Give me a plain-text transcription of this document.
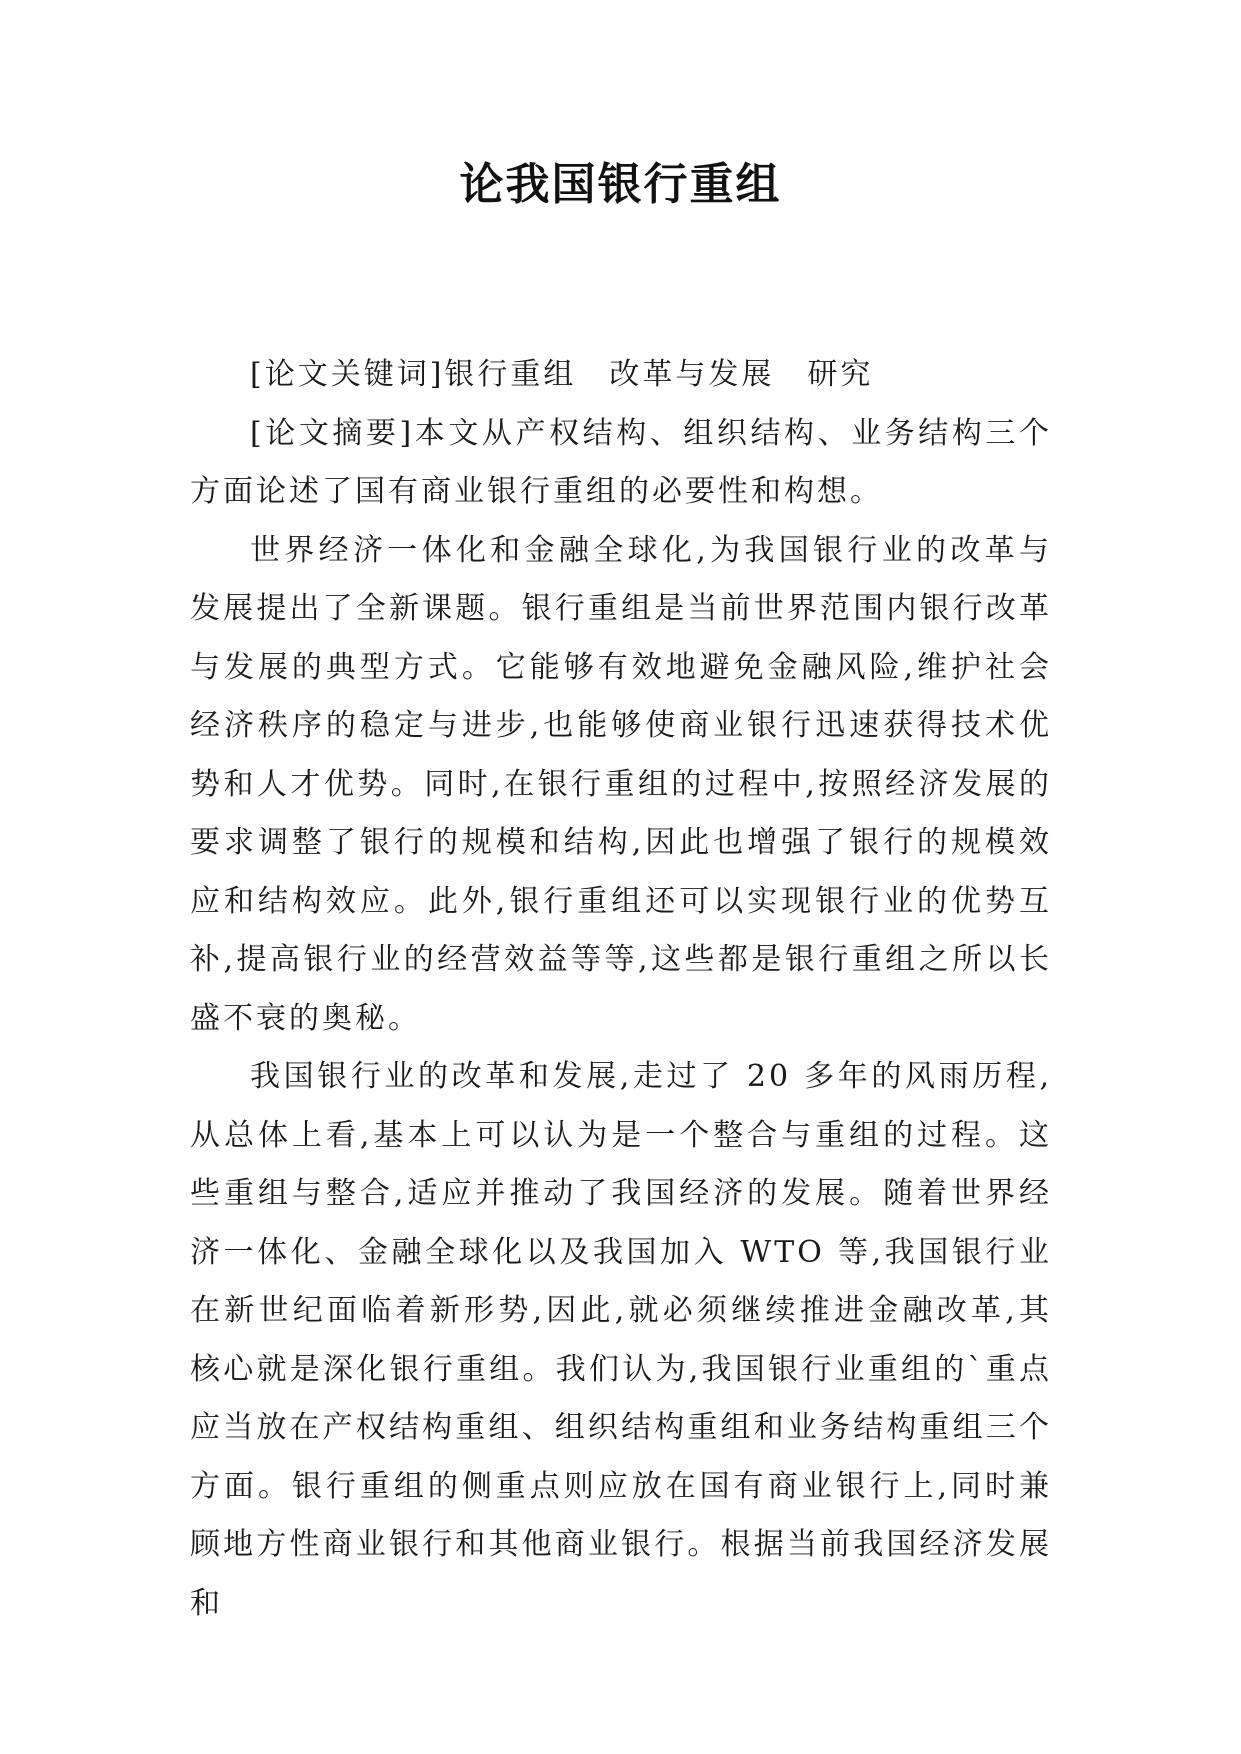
论我国银行重组

[论文关键词]银行重组　改革与发展　研究

[论文摘要]本文从产权结构、组织结构、业务结构三个方面论述了国有商业银行重组的必要性和构想。

世界经济一体化和金融全球化,为我国银行业的改革与发展提出了全新课题。银行重组是当前世界范围内银行改革与发展的典型方式。它能够有效地避免金融风险,维护社会经济秩序的稳定与进步,也能够使商业银行迅速获得技术优势和人才优势。同时,在银行重组的过程中,按照经济发展的要求调整了银行的规模和结构,因此也增强了银行的规模效应和结构效应。此外,银行重组还可以实现银行业的优势互补,提高银行业的经营效益等等,这些都是银行重组之所以长盛不衰的奥秘。

我国银行业的改革和发展,走过了 20 多年的风雨历程,从总体上看,基本上可以认为是一个整合与重组的过程。这些重组与整合,适应并推动了我国经济的发展。随着世界经济一体化、金融全球化以及我国加入 WTO 等,我国银行业在新世纪面临着新形势,因此,就必须继续推进金融改革,其核心就是深化银行重组。我们认为,我国银行业重组的`重点应当放在产权结构重组、组织结构重组和业务结构重组三个方面。银行重组的侧重点则应放在国有商业银行上,同时兼顾地方性商业银行和其他商业银行。根据当前我国经济发展和
